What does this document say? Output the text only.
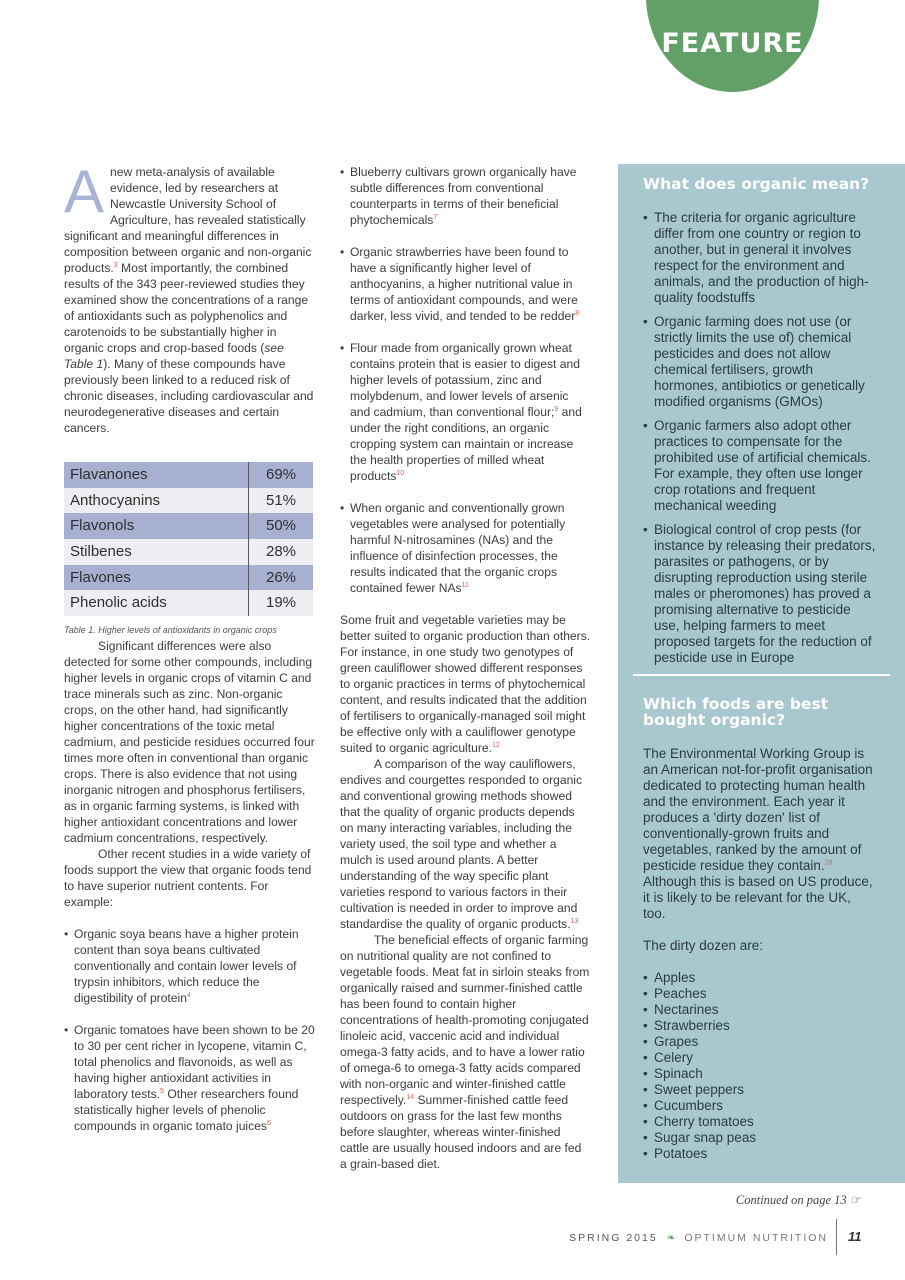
FEATURE

Anew meta-analysis of available evidence, led by researchers at Newcastle University School of Agriculture, has revealed statistically significant and meaningful differences in composition between organic and non-organic products.$^3$ Most importantly, the combined results of the 343 peer-reviewed studies they examined show the concentrations of a range of antioxidants such as polyphenolics and carotenoids to be substantially higher in organic crops and crop-based foods (see Table 1). Many of these compounds have previously been linked to a reduced risk of chronic diseases, including cardiovascular and neurodegenerative diseases and certain cancers.

Flavanones	69%
Anthocyanins	51%
Flavonols	50%
Stilbenes	28%
Flavones	26%
Phenolic acids	19%

Table 1. Higher levels of antioxidants in organic crops

Significant differences were also detected for some other compounds, including higher levels in organic crops of vitamin C and trace minerals such as zinc. Non-organic crops, on the other hand, had significantly higher concentrations of the toxic metal cadmium, and pesticide residues occurred four times more often in conventional than organic crops. There is also evidence that not using inorganic nitrogen and phosphorus fertilisers, as in organic farming systems, is linked with higher antioxidant concentrations and lower cadmium concentrations, respectively.

Other recent studies in a wide variety of foods support the view that organic foods tend to have superior nutrient contents. For example:

• Organic soya beans have a higher protein content than soya beans cultivated conventionally and contain lower levels of trypsin inhibitors, which reduce the digestibility of protein$^4$
• Organic tomatoes have been shown to be 20 to 30 per cent richer in lycopene, vitamin C, total phenolics and flavonoids, as well as having higher antioxidant activities in laboratory tests.$^5$ Other researchers found statistically higher levels of phenolic compounds in organic tomato juices$^6$
• Blueberry cultivars grown organically have subtle differences from conventional counterparts in terms of their beneficial phytochemicals$^7$
• Organic strawberries have been found to have a significantly higher level of anthocyanins, a higher nutritional value in terms of antioxidant compounds, and were darker, less vivid, and tended to be redder$^8$
• Flour made from organically grown wheat contains protein that is easier to digest and higher levels of potassium, zinc and molybdenum, and lower levels of arsenic and cadmium, than conventional flour;$^9$ and under the right conditions, an organic cropping system can maintain or increase the health properties of milled wheat products$^{10}$
• When organic and conventionally grown vegetables were analysed for potentially harmful N-nitrosamines (NAs) and the influence of disinfection processes, the results indicated that the organic crops contained fewer NAs$^{11}$

Some fruit and vegetable varieties may be better suited to organic production than others. For instance, in one study two genotypes of green cauliflower showed different responses to organic practices in terms of phytochemical content, and results indicated that the addition of fertilisers to organically-managed soil might be effective only with a cauliflower genotype suited to organic agriculture.$^{12}$

A comparison of the way cauliflowers, endives and courgettes responded to organic and conventional growing methods showed that the quality of organic products depends on many interacting variables, including the variety used, the soil type and whether a mulch is used around plants. A better understanding of the way specific plant varieties respond to various factors in their cultivation is needed in order to improve and standardise the quality of organic products.$^{13}$

The beneficial effects of organic farming on nutritional quality are not confined to vegetable foods. Meat fat in sirloin steaks from organically raised and summer-finished cattle has been found to contain higher concentrations of health-promoting conjugated linoleic acid, vaccenic acid and individual omega-3 fatty acids, and to have a lower ratio of omega-6 to omega-3 fatty acids compared with non-organic and winter-finished cattle respectively.$^{14}$ Summer-finished cattle feed outdoors on grass for the last few months before slaughter, whereas winter-finished cattle are usually housed indoors and are fed a grain-based diet.

What does organic mean?
• The criteria for organic agriculture differ from one country or region to another, but in general it involves respect for the environment and animals, and the production of high-quality foodstuffs
• Organic farming does not use (or strictly limits the use of) chemical pesticides and does not allow chemical fertilisers, growth hormones, antibiotics or genetically modified organisms (GMOs)
• Organic farmers also adopt other practices to compensate for the prohibited use of artificial chemicals. For example, they often use longer crop rotations and frequent mechanical weeding
• Biological control of crop pests (for instance by releasing their predators, parasites or pathogens, or by disrupting reproduction using sterile males or pheromones) has proved a promising alternative to pesticide use, helping farmers to meet proposed targets for the reduction of pesticide use in Europe
Which foods are best bought organic?

The Environmental Working Group is an American not-for-profit organisation dedicated to protecting human health and the environment. Each year it produces a 'dirty dozen' list of conventionally-grown fruits and vegetables, ranked by the amount of pesticide residue they contain.$^{28}$ Although this is based on US produce, it is likely to be relevant for the UK, too.

The dirty dozen are:

• Apples
• Peaches
• Nectarines
• Strawberries
• Grapes
• Celery
• Spinach
• Sweet peppers
• Cucumbers
• Cherry tomatoes
• Sugar snap peas
• Potatoes
Continued on page 13 ☞
SPRING 2015 ❧ OPTIMUM NUTRITION 11
